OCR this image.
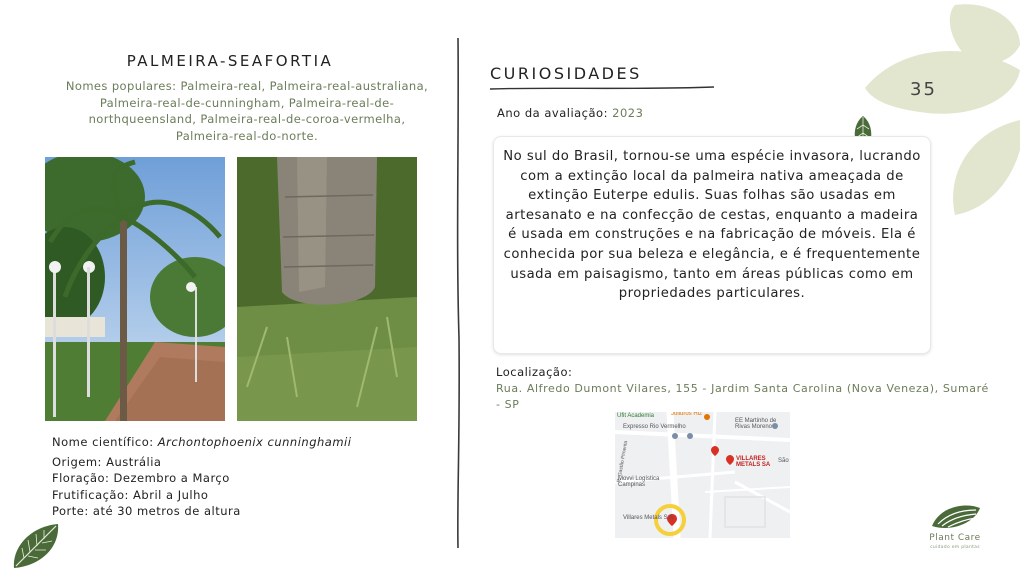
PALMEIRA-SEAFORTIA
Nomes populares: Palmeira-real, Palmeira-real-australiana, Palmeira-real-de-cunningham, Palmeira-real-de-northqueensland, Palmeira-real-de-coroa-vermelha, Palmeira-real-do-norte.
Nome científico: Archontophoenix cunninghamii
Origem: Austrália
Floração: Dezembro a Março
Frutificação: Abril a Julho
Porte: até 30 metros de altura
CURIOSIDADES
Ano da avaliação: 2023
No sul do Brasil, tornou-se uma espécie invasora, lucrando com a extinção local da palmeira nativa ameaçada de extinção Euterpe edulis. Suas folhas são usadas em artesanato e na confecção de cestas, enquanto a madeira é usada em construções e na fabricação de móveis. Ela é conhecida por sua beleza e elegância, e é frequentemente usada em paisagismo, tanto em áreas públicas como em propriedades particulares.
Localização:
Rua. Alfredo Dumont Vilares, 155 - Jardim Santa Carolina (Nova Veneza), Sumaré - SP
Ufit Academia	Jolluros Hiz
Expresso Rio Vermelho
EE Martinho de Rivas Moreno
VILLARES METALS SA
São
Movvi Logística Campinas
Villares Metals S.A
R. Gastão Pimenta
35
Plant Care
cuidado em plantas
